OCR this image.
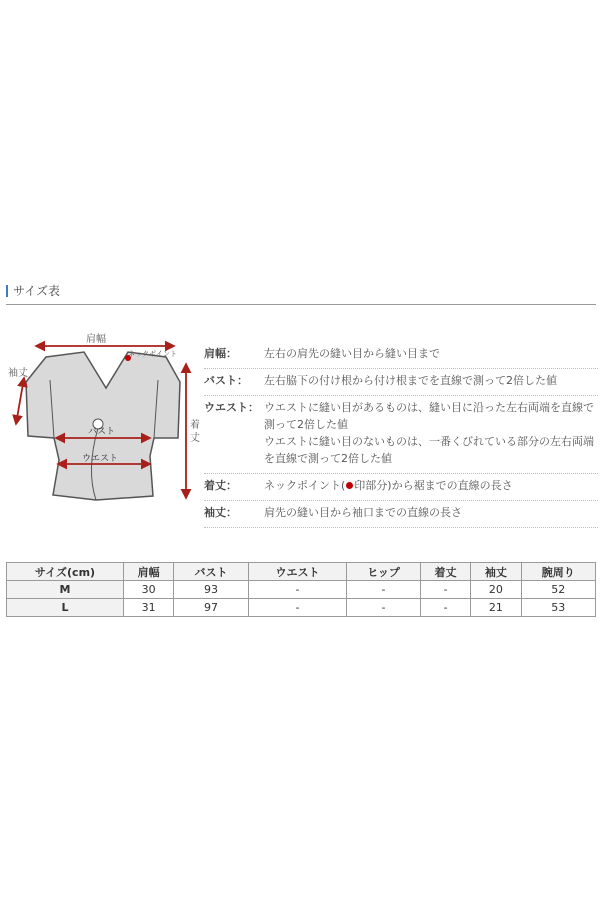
サイズ表
肩幅
ネックポイント
袖丈
バスト
ウエスト
着
丈
肩幅：	左右の肩先の縫い目から縫い目まで
バスト：	左右脇下の付け根から付け根までを直線で測って2倍した値
ウエスト： ウエストに縫い目があるものは、縫い目に沿った左右両端を直線で
測って2倍した値
ウエストに縫い目のないものは、一番くびれている部分の左右両端
を直線で測って2倍した値
着丈：	ネックポイント( 印部分)から裾までの直線の長さ
袖丈：	肩先の縫い目から袖口までの直線の長さ
サイズ(cm)	肩幅	バスト	ウエスト	ヒップ	着丈	袖丈	腕周り
M	30	93	-	-	-	20	52
L	31	97	-	-	-	21	53
